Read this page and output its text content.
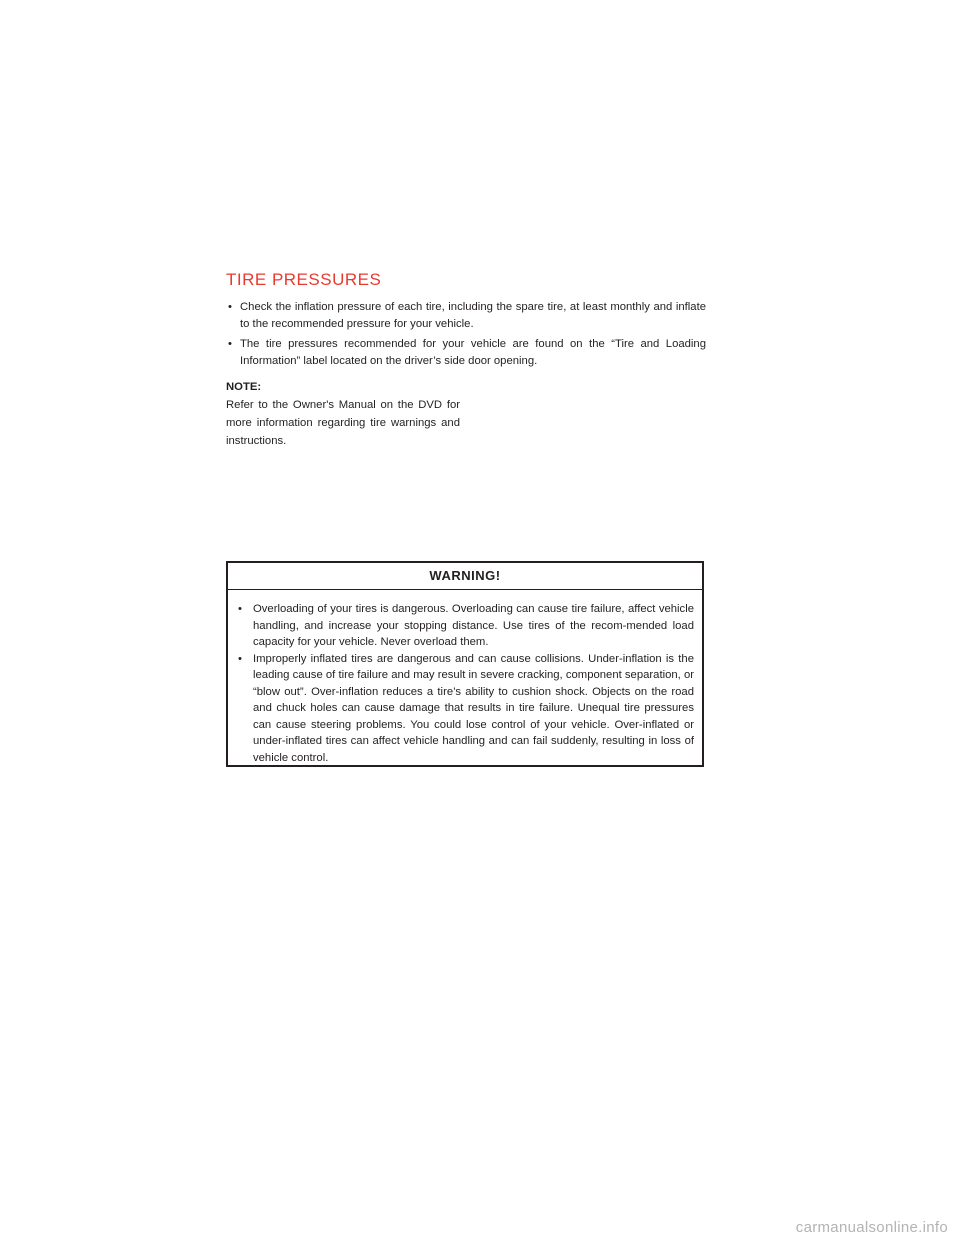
TIRE PRESSURES
• Check the inflation pressure of each tire, including the spare tire, at least monthly and inflate to the recommended pressure for your vehicle.
• The tire pressures recommended for your vehicle are found on the “Tire and Loading Information” label located on the driver’s side door opening.
NOTE:
Refer to the Owner's Manual on the DVD for more information regarding tire warnings and instructions.
WARNING!
• Overloading of your tires is dangerous. Overloading can cause tire failure, affect vehicle handling, and increase your stopping distance. Use tires of the recom-mended load capacity for your vehicle. Never overload them.
• Improperly inflated tires are dangerous and can cause collisions. Under-inflation is the leading cause of tire failure and may result in severe cracking, component separation, or “blow out”. Over-inflation reduces a tire’s ability to cushion shock. Objects on the road and chuck holes can cause damage that results in tire failure. Unequal tire pressures can cause steering problems. You could lose control of your vehicle. Over-inflated or under-inflated tires can affect vehicle handling and can fail suddenly, resulting in loss of vehicle control.
carmanualsonline.info
